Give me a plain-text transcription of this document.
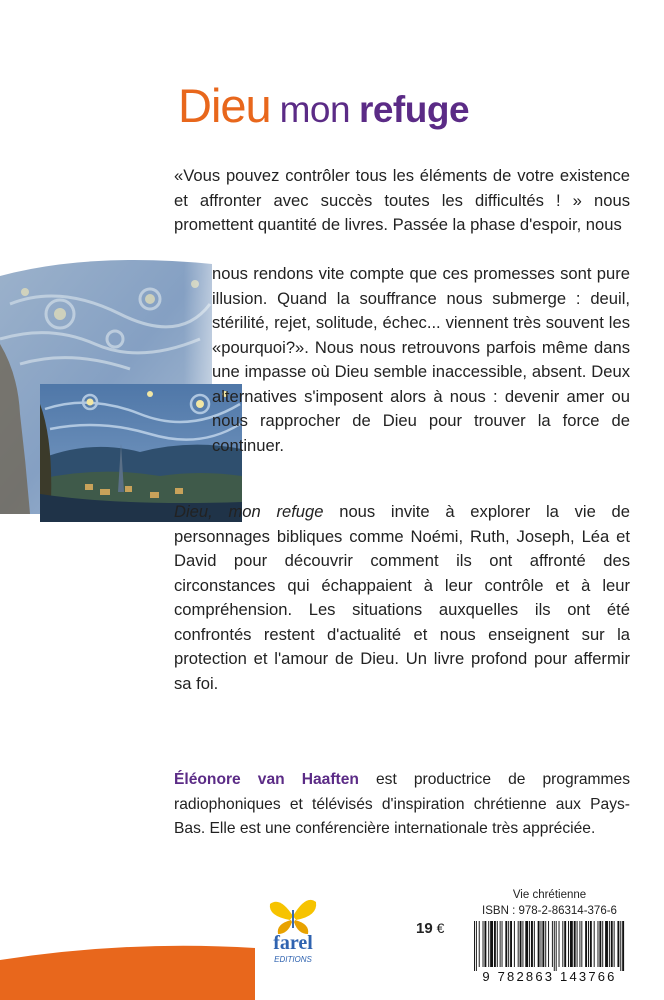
Dieu mon refuge
«Vous pouvez contrôler tous les éléments de votre existence et affronter avec succès toutes les difficultés ! » nous promettent quantité de livres. Passée la phase d'espoir, nous
nous rendons vite compte que ces promesses sont pure illusion. Quand la souffrance nous submerge : deuil, stérilité, rejet, solitude, échec... viennent très souvent les «pourquoi?». Nous nous retrouvons parfois même dans une impasse où Dieu semble inaccessible, absent. Deux alternatives s'imposent alors à nous : devenir amer ou nous rapprocher de Dieu pour trouver la force de continuer.
Dieu, mon refuge nous invite à explorer la vie de personnages bibliques comme Noémi, Ruth, Joseph, Léa et David pour découvrir comment ils ont affronté des circonstances qui échappaient à leur contrôle et à leur compréhension. Les situations auxquelles ils ont été confrontés restent d'actualité et nous enseignent sur la protection et l'amour de Dieu. Un livre profond pour affermir sa foi.
Éléonore van Haaften est productrice de programmes radiophoniques et télévisés d'inspiration chrétienne aux Pays-Bas. Elle est une conférencière internationale très appréciée.
farel
EDITIONS
19 €
Vie chrétienne
ISBN : 978-2-86314-376-6
9 782863 143766
